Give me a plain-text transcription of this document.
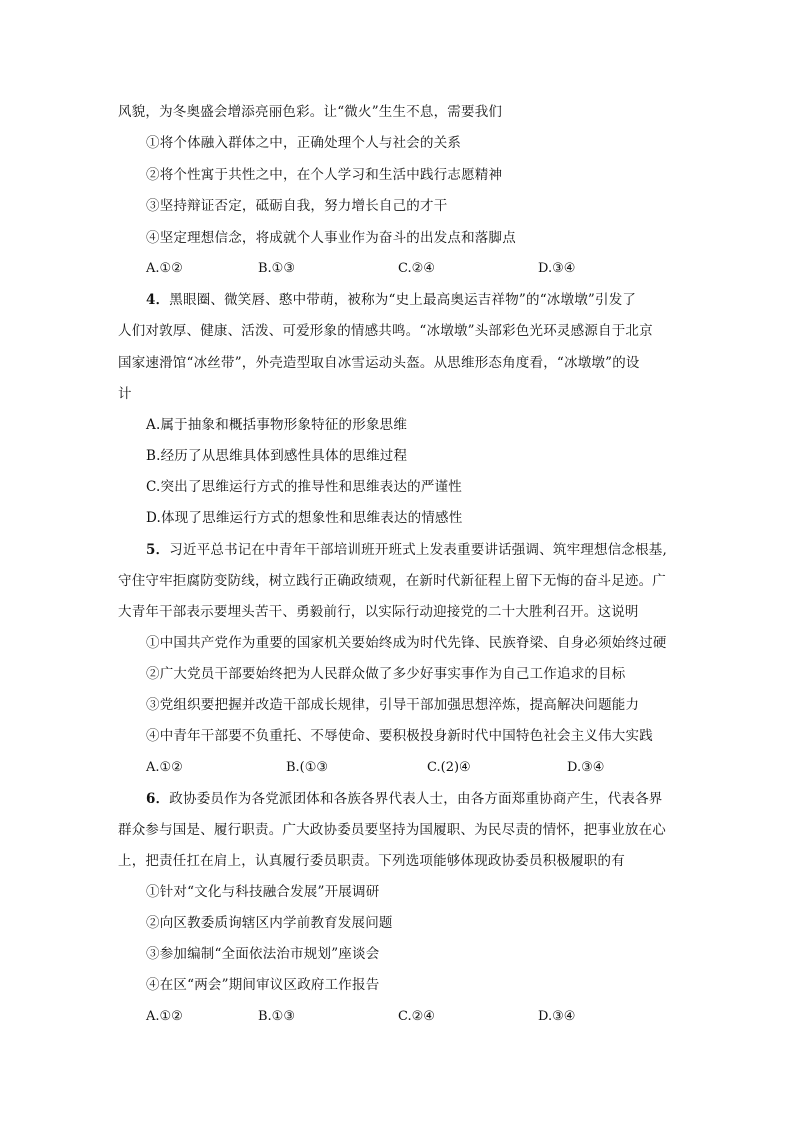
风貌，为冬奥盛会增添亮丽色彩。让“微火”生生不息，需要我们
①将个体融入群体之中，正确处理个人与社会的关系
②将个性寓于共性之中，在个人学习和生活中践行志愿精神
③坚持辩证否定，砥砺自我，努力增长自己的才干
④坚定理想信念，将成就个人事业作为奋斗的出发点和落脚点
A.①②	B.①③	C.②④	D.③④
4．黑眼圈、微笑唇、憨中带萌，被称为“史上最高奥运吉祥物”的“冰墩墩”引发了
人们对敦厚、健康、活泼、可爱形象的情感共鸣。“冰墩墩”头部彩色光环灵感源自于北京
国家速滑馆“冰丝带”，外壳造型取自冰雪运动头盔。从思维形态角度看，“冰墩墩”的设
计
A.属于抽象和概括事物形象特征的形象思维
B.经历了从思维具体到感性具体的思维过程
C.突出了思维运行方式的推导性和思维表达的严谨性
D.体现了思维运行方式的想象性和思维表达的情感性
5．习近平总书记在中青年干部培训班开班式上发表重要讲话强调、筑牢理想信念根基,
守住守牢拒腐防变防线，树立践行正确政绩观，在新时代新征程上留下无悔的奋斗足迹。广
大青年干部表示要埋头苦干、勇毅前行，以实际行动迎接党的二十大胜利召开。这说明
①中国共产党作为重要的国家机关要始终成为时代先锋、民族脊梁、自身必须始终过硬
②广大党员干部要始终把为人民群众做了多少好事实事作为自己工作追求的目标
③党组织要把握并改造干部成长规律，引导干部加强思想淬炼，提高解决问题能力
④中青年干部要不负重托、不辱使命、要积极投身新时代中国特色社会主义伟大实践
A.①②	B.(①③	C.(2)④	D.③④
6．政协委员作为各党派团体和各族各界代表人士，由各方面郑重协商产生，代表各界
群众参与国是、履行职责。广大政协委员要坚持为国履职、为民尽责的情怀，把事业放在心
上，把责任扛在肩上，认真履行委员职责。下列选项能够体现政协委员积极履职的有
①针对“文化与科技融合发展”开展调研
②向区教委质询辖区内学前教育发展问题
③参加编制“全面依法治市规划”座谈会
④在区“两会”期间审议区政府工作报告
A.①②	B.①③	C.②④	D.③④
